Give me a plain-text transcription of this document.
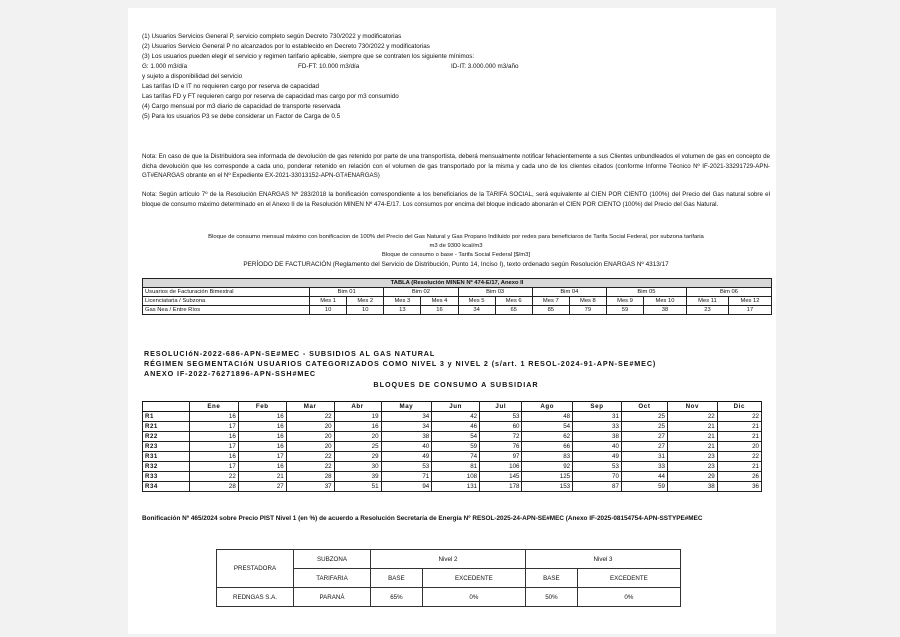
(1) Usuarios Servicios General P, servicio completo según Decreto 730/2022 y modificatorias
(2) Usuarios Servicio General P no alcanzados por lo establecido en Decreto 730/2022 y modificatorias
(3) Los usuarios pueden elegir el servicio y regimen tarifario aplicable, siempre que se contraten los siguiente mínimos:
G: 1.000 m3/día	FD-FT: 10.000 m3/día	ID-IT: 3.000.000 m3/año
y sujeto a disponibilidad del servicio
Las tarifas ID e IT no requieren cargo por reserva de capacidad
Las tarifas FD y FT requieren cargo por reserva de capacidad mas cargo por m3 consumido
(4) Cargo mensual por m3 diario de capacidad de transporte reservada
(5) Para los usuarios P3 se debe considerar un Factor de Carga de 0.5
Nota: En caso de que la Distribuidora sea informada de devolución de gas retenido por parte de una transportista, deberá mensualmente notificar fehacientemente a sus Clientes unbundleados el volumen de gas en concepto de dicha devolución que les corresponde a cada uno, ponderar retenido en relación con el volumen de gas transportado por la misma y cada uno de los clientes citados (conforme Informe Técnico Nº IF-2021-33291729-APN-GT#ENARGAS obrante en el Nº Expediente EX-2021-33013152-APN-GT#ENARGAS)
Nota: Según artículo 7º de la Resolución ENARGAS Nº 283/2018 la bonificación correspondiente a los beneficiarios de la TARIFA SOCIAL, será equivalente al CIEN POR CIENTO (100%) del Precio del Gas natural sobre el bloque de consumo máximo determinado en el Anexo II de la Resolución MINEN Nº 474-E/17. Los consumos por encima del bloque indicado abonarán el CIEN POR CIENTO (100%) del Precio del Gas Natural.
Bloque de consumo mensual máximo con bonificacion de 100% del Precio del Gas Natural y Gas Propano Indiluido por redes para beneficiaros de Tarifa Social Federal, por subzona tarifaria
m3 de 9300 kcal/m3
Bloque de consumo o base - Tarifa Social Federal [$/m3]
PERÍODO DE FACTURACIÓN (Reglamento del Servicio de Distribución, Punto 14, Inciso I), texto ordenado según Resolución ENARGAS Nº 4313/17
TABLA (Resolución MINEN Nº 474-E/17, Anexo II												
Usuarios de Facturación Bimestral	Bim 01		Bim 02		Bim 03		Bim 04		Bim 05		Bim 06	
Licenciataria / Subzona	Mes 1	Mes 2	Mes 3	Mes 4	Mes 5	Mes 6	Mes 7	Mes 8	Mes 9	Mes 10	Mes 11	Mes 12
Gas Nea / Entre Ríos	10	10	13	16	34	65	85	79	59	38	23	17
RESOLUCIóN-2022-686-APN-SE#MEC - SUBSIDIOS AL GAS NATURAL
RÉGIMEN SEGMENTACIóN USUARIOS CATEGORIZADOS COMO NIVEL 3 y NIVEL 2 (s/art. 1 RESOL-2024-91-APN-SE#MEC)
ANEXO IF-2022-76271896-APN-SSH#MEC
BLOQUES DE CONSUMO A SUBSIDIAR
	Ene	Feb	Mar	Abr	May	Jun	Jul	Ago	Sep	Oct	Nov	Dic
R1	16	16	22	19	34	42	53	48	31	25	22	22
R21	17	16	20	16	34	46	60	54	33	25	21	21
R22	16	16	20	20	38	54	72	62	38	27	21	21
R23	17	16	20	25	40	59	76	66	40	27	21	20
R31	16	17	22	29	49	74	97	83	49	31	23	22
R32	17	16	22	30	53	81	106	92	53	33	23	21
R33	22	21	28	39	71	108	145	125	70	44	29	26
R34	28	27	37	51	94	131	178	153	87	59	38	36
Bonificación Nº 465/2024 sobre Precio PIST Nivel 1 (en %) de acuerdo a Resolución Secretaría de Energía Nº RESOL-2025-24-APN-SE#MEC (Anexo IF-2025-08154754-APN-SSTYPE#MEC
PRESTADORA	SUBZONA	Nivel 2		Nivel 3	
	TARIFARIA	BASE	EXCEDENTE	BASE	EXCEDENTE
REDNGAS S.A.	PARANÁ	65%	0%	50%	0%
